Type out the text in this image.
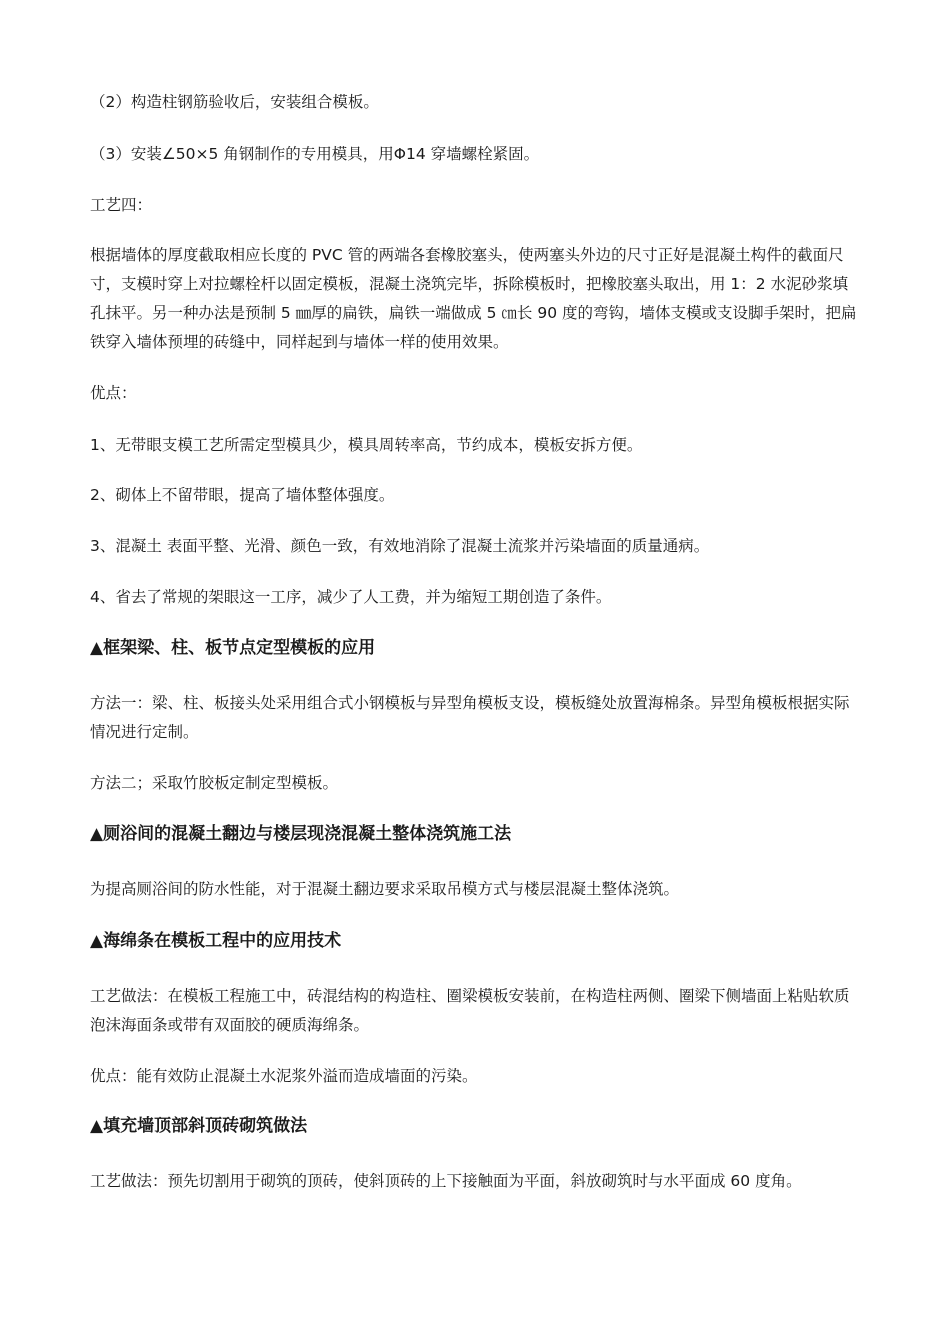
（2）构造柱钢筋验收后，安装组合模板。

（3）安装∠50×5 角钢制作的专用模具，用Φ14 穿墙螺栓紧固。

工艺四：

根据墙体的厚度截取相应长度的 PVC 管的两端各套橡胶塞头，使两塞头外边的尺寸正好是混凝土构件的截面尺寸，支模时穿上对拉螺栓杆以固定模板，混凝土浇筑完毕，拆除模板时，把橡胶塞头取出，用 1：2 水泥砂浆填孔抹平。另一种办法是预制 5 ㎜厚的扁铁，扁铁一端做成 5 ㎝长 90 度的弯钩，墙体支模或支设脚手架时，把扁铁穿入墙体预埋的砖缝中，同样起到与墙体一样的使用效果。

优点：

1、无带眼支模工艺所需定型模具少，模具周转率高，节约成本，模板安拆方便。

2、砌体上不留带眼，提高了墙体整体强度。

3、混凝土 表面平整、光滑、颜色一致，有效地消除了混凝土流浆并污染墙面的质量通病。

4、省去了常规的架眼这一工序，减少了人工费，并为缩短工期创造了条件。

▲框架梁、柱、板节点定型模板的应用

方法一：梁、柱、板接头处采用组合式小钢模板与异型角模板支设，模板缝处放置海棉条。异型角模板根据实际情况进行定制。

方法二；采取竹胶板定制定型模板。

▲厕浴间的混凝土翻边与楼层现浇混凝土整体浇筑施工法

为提高厕浴间的防水性能，对于混凝土翻边要求采取吊模方式与楼层混凝土整体浇筑。

▲海绵条在模板工程中的应用技术

工艺做法：在模板工程施工中，砖混结构的构造柱、圈梁模板安装前，在构造柱两侧、圈梁下侧墙面上粘贴软质泡沫海面条或带有双面胶的硬质海绵条。

优点：能有效防止混凝土水泥浆外溢而造成墙面的污染。

▲填充墙顶部斜顶砖砌筑做法

工艺做法：预先切割用于砌筑的顶砖，使斜顶砖的上下接触面为平面，斜放砌筑时与水平面成 60 度角。
